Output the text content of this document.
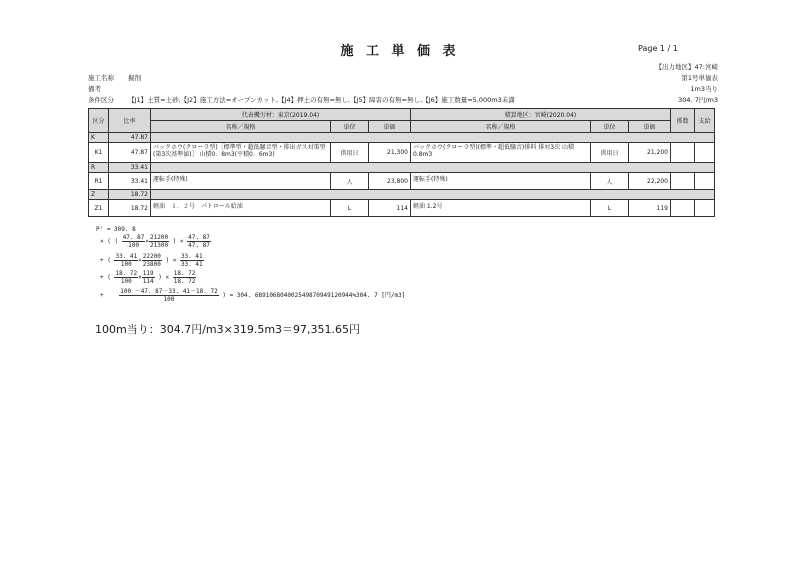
施 工 単 価 表	Page 1 / 1
【出力地区】47:宮崎
第1号単価表
1m3当り
304. 7円/m3
施工名称 掘削
備考
条件区分 【J1】土質=土砂,【J2】施工方法=オープンカット,【J4】押土の有無=無し,【J5】障害の有無=無し,【J6】施工数量=5,000m3未満
区分	比率	代表機労材：東京(2019.04)			積算地区：宮崎(2020.04)			係数	支給
		名称／規格	単位	単価	名称／規格	単位	単価		
K	47.87								
K1	47.87	バックホウ(クローラ型)［標準型・超低騒音型・排出ガス対策型(第3次基準値)］ 山積0．8m3(平積0．6m3)	供用日	21,300	バックホウ(クローラ型)(標準・超低騒音)排料 排対3次 山積0.8m3	供用日	21,200		
R	33.41								
R1	33.41	運転手(特殊)	人	23,800	運転手(特殊)	人	22,200		
Z	18.72								
Z1	18.72	軽油　１．２号　パトロール給油	L	114	軽油 1.2号	L	119		
P' = 309. 8
× ( ( $\frac{47. 87}{100} \times \frac{21200}{21300}$ ) × $\frac{47. 87}{47. 87}$
+ ( $\frac{33. 41}{100} \times \frac{22200}{23800}$ ) × $\frac{33. 41}{33. 41}$
+ ( $\frac{18. 72}{100} \times \frac{119}{114}$ ) × $\frac{18. 72}{18. 72}$
+	$\frac{100 -47. 87-33. 41-18. 72}{100}$ ) = 304. 689106804002549870949120944≒304. 7 [円/m3]
100m当り：304.7円/m3×319.5m3＝97,351.65円
